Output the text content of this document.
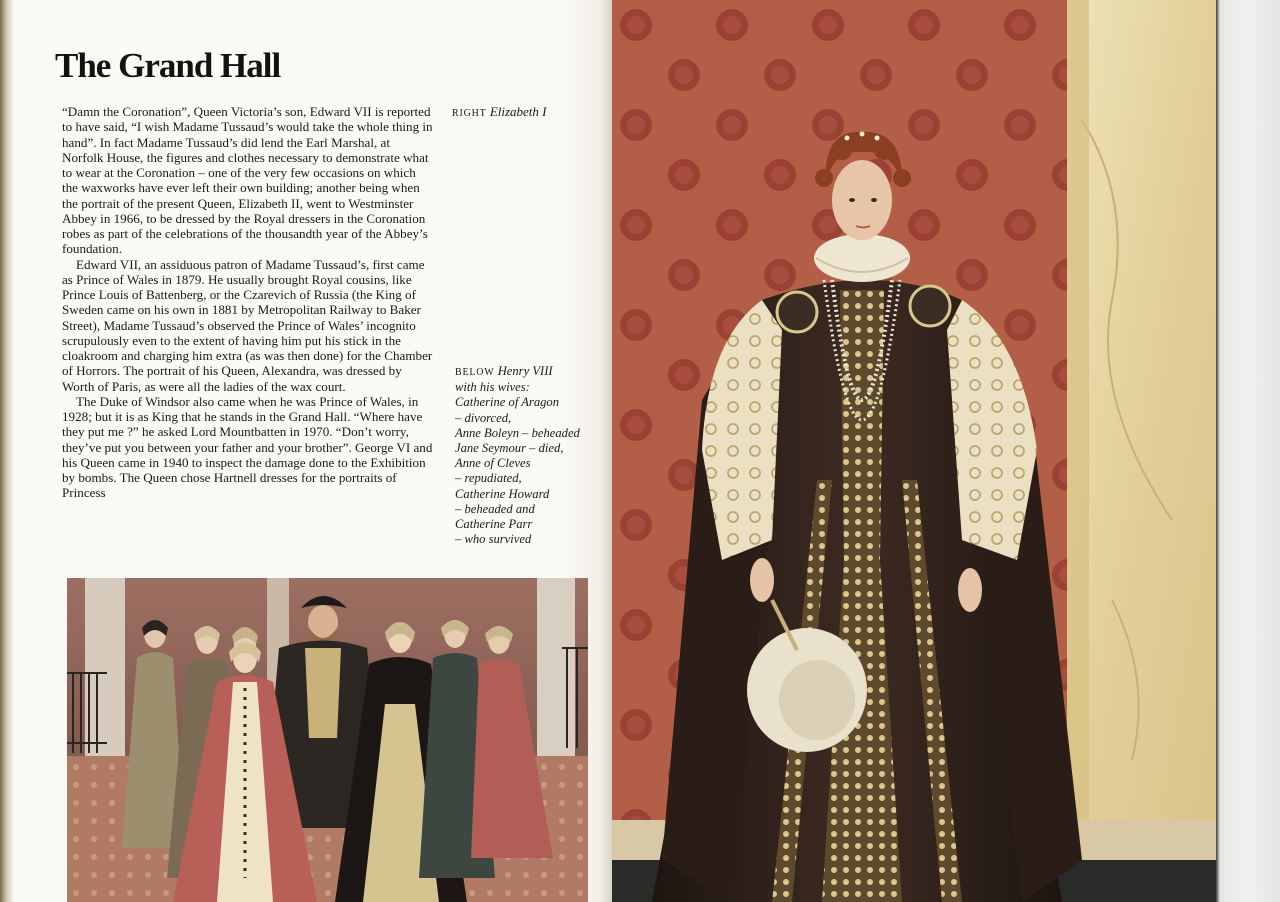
The Grand Hall

“Damn the Coronation”, Queen Victoria’s son, Edward VII is reported to have said, “I wish Madame Tussaud’s would take the whole thing in hand”. In fact Madame Tussaud’s did lend the Earl Marshal, at Norfolk House, the figures and clothes necessary to demonstrate what to wear at the Coronation – one of the very few occasions on which the waxworks have ever left their own building; another being when the portrait of the present Queen, Elizabeth II, went to Westminster Abbey in 1966, to be dressed by the Royal dressers in the Coronation robes as part of the celebrations of the thousandth year of the Abbey’s foundation.

Edward VII, an assiduous patron of Madame Tussaud’s, first came as Prince of Wales in 1879. He usually brought Royal cousins, like Prince Louis of Battenberg, or the Czarevich of Russia (the King of Sweden came on his own in 1881 by Metropolitan Railway to Baker Street), Madame Tussaud’s observed the Prince of Wales’ incognito scrupulously even to the extent of having him put his stick in the cloakroom and charging him extra (as was then done) for the Chamber of Horrors. The portrait of his Queen, Alexandra, was dressed by Worth of Paris, as were all the ladies of the wax court.

The Duke of Windsor also came when he was Prince of Wales, in 1928; but it is as King that he stands in the Grand Hall. “Where have they put me ?” he asked Lord Mountbatten in 1970. “Don’t worry, they’ve put you between your father and your brother”. George VI and his Queen came in 1940 to inspect the damage done to the Exhibition by bombs. The Queen chose Hartnell dresses for the portraits of Princess

RIGHT Elizabeth I
BELOW Henry VIII
with his wives:
Catherine of Aragon
– divorced,
Anne Boleyn – beheaded
Jane Seymour – died,
Anne of Cleves
– repudiated,
Catherine Howard
– beheaded and
Catherine Parr
– who survived
